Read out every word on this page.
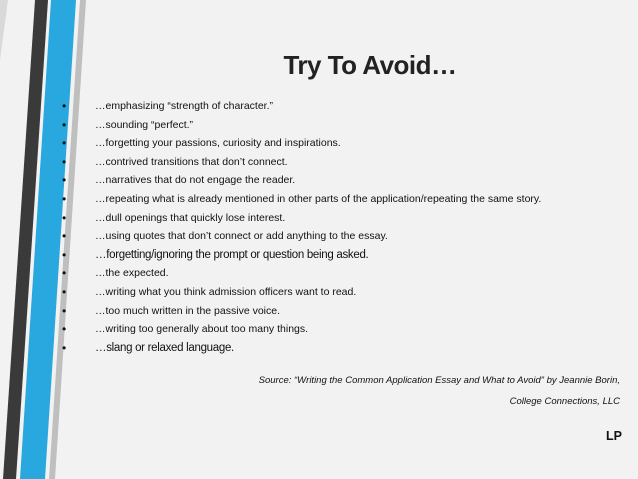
Try To Avoid…
•	…emphasizing “strength of character.”
•	…sounding “perfect.”
•	…forgetting your passions, curiosity and inspirations.
•	…contrived transitions that don’t connect.
•	…narratives that do not engage the reader.
•	…repeating what is already mentioned in other parts of the application/repeating the same story.
•	…dull openings that quickly lose interest.
•	…using quotes that don’t connect or add anything to the essay.
•	…forgetting/ignoring the prompt or question being asked.
•	…the expected.
•	…writing what you think admission officers want to read.
•	…too much written in the passive voice.
•	…writing too generally about too many things.
•	…slang or relaxed language.
Source: “Writing the Common Application Essay and What to Avoid” by Jeannie Borin,
College Connections, LLC
LP
